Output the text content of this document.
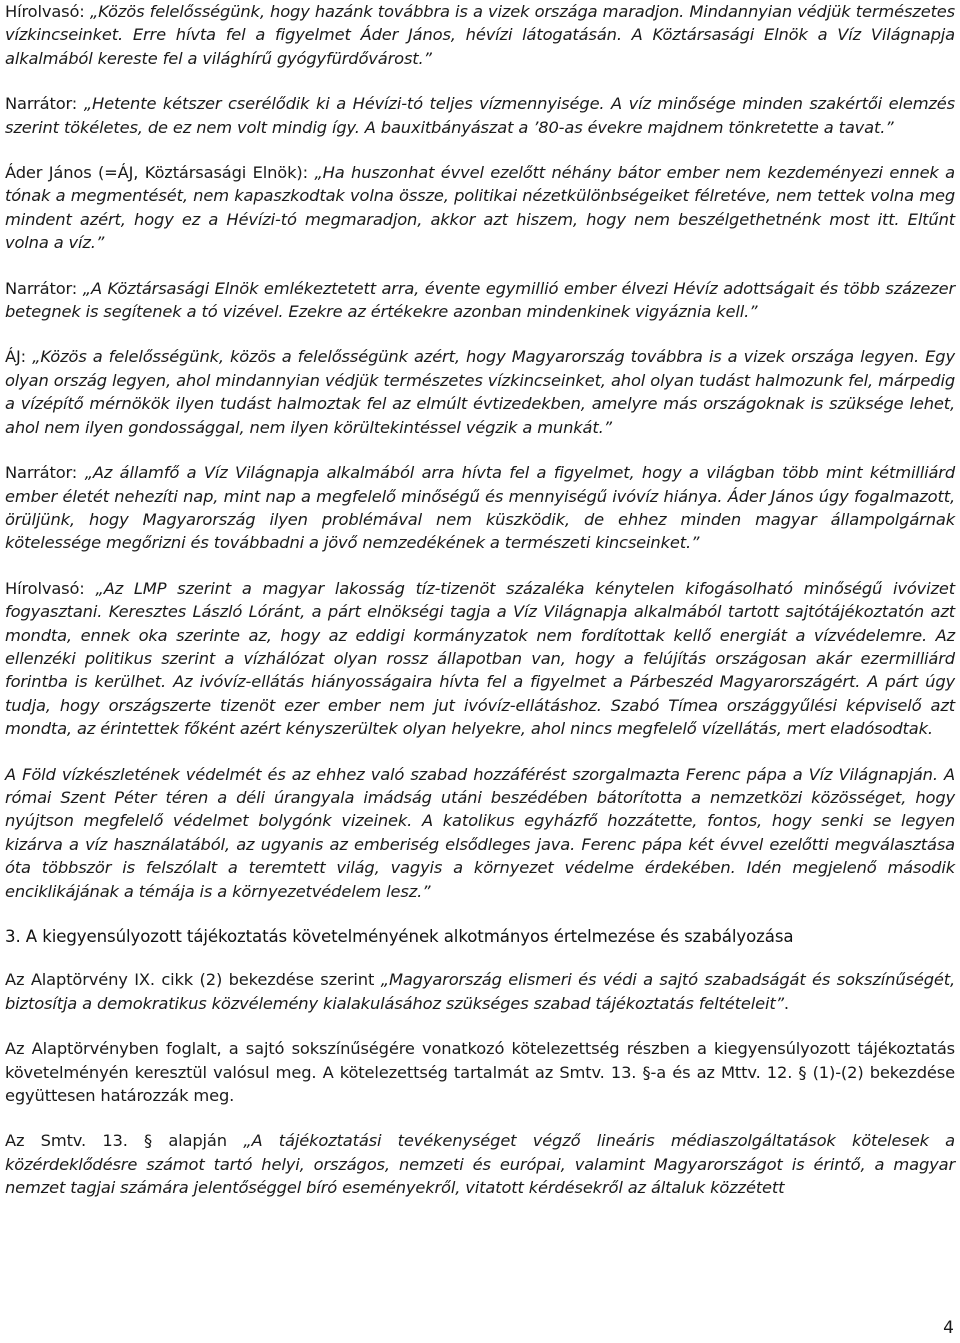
Hírolvasó: „Közös felelősségünk, hogy hazánk továbbra is a vizek országa maradjon. Mindannyian védjük természetes vízkincseinket. Erre hívta fel a figyelmet Áder János, hévízi látogatásán. A Köztársasági Elnök a Víz Világnapja alkalmából kereste fel a világhírű gyógyfürdővárost.”

Narrátor: „Hetente kétszer cserélődik ki a Hévízi-tó teljes vízmennyisége. A víz minősége minden szakértői elemzés szerint tökéletes, de ez nem volt mindig így. A bauxitbányászat a ’80-as évekre majdnem tönkretette a tavat.”

Áder János (=ÁJ, Köztársasági Elnök): „Ha huszonhat évvel ezelőtt néhány bátor ember nem kezdeményezi ennek a tónak a megmentését, nem kapaszkodtak volna össze, politikai nézetkülönbségeiket félretéve, nem tettek volna meg mindent azért, hogy ez a Hévízi-tó megmaradjon, akkor azt hiszem, hogy nem beszélgethetnénk most itt. Eltűnt volna a víz.”

Narrátor: „A Köztársasági Elnök emlékeztetett arra, évente egymillió ember élvezi Hévíz adottságait és több százezer betegnek is segítenek a tó vizével. Ezekre az értékekre azonban mindenkinek vigyáznia kell.”

ÁJ: „Közös a felelősségünk, közös a felelősségünk azért, hogy Magyarország továbbra is a vizek országa legyen. Egy olyan ország legyen, ahol mindannyian védjük természetes vízkincseinket, ahol olyan tudást halmozunk fel, márpedig a vízépítő mérnökök ilyen tudást halmoztak fel az elmúlt évtizedekben, amelyre más országoknak is szüksége lehet, ahol nem ilyen gondossággal, nem ilyen körültekintéssel végzik a munkát.”

Narrátor: „Az államfő a Víz Világnapja alkalmából arra hívta fel a figyelmet, hogy a világban több mint kétmilliárd ember életét nehezíti nap, mint nap a megfelelő minőségű és mennyiségű ivóvíz hiánya. Áder János úgy fogalmazott, örüljünk, hogy Magyarország ilyen problémával nem küszködik, de ehhez minden magyar állampolgárnak kötelessége megőrizni és továbbadni a jövő nemzedékének a természeti kincseinket.”

Hírolvasó: „Az LMP szerint a magyar lakosság tíz-tizenöt százaléka kénytelen kifogásolható minőségű ivóvizet fogyasztani. Keresztes László Lóránt, a párt elnökségi tagja a Víz Világnapja alkalmából tartott sajtótájékoztatón azt mondta, ennek oka szerinte az, hogy az eddigi kormányzatok nem fordítottak kellő energiát a vízvédelemre. Az ellenzéki politikus szerint a vízhálózat olyan rossz állapotban van, hogy a felújítás országosan akár ezermilliárd forintba is kerülhet. Az ivóvíz-ellátás hiányosságaira hívta fel a figyelmet a Párbeszéd Magyarországért. A párt úgy tudja, hogy országszerte tizenöt ezer ember nem jut ivóvíz-ellátáshoz. Szabó Tímea országgyűlési képviselő azt mondta, az érintettek főként azért kényszerültek olyan helyekre, ahol nincs megfelelő vízellátás, mert eladósodtak.

A Föld vízkészletének védelmét és az ehhez való szabad hozzáférést szorgalmazta Ferenc pápa a Víz Világnapján. A római Szent Péter téren a déli úrangyala imádság utáni beszédében bátorította a nemzetközi közösséget, hogy nyújtson megfelelő védelmet bolygónk vizeinek. A katolikus egyházfő hozzátette, fontos, hogy senki se legyen kizárva a víz használatából, az ugyanis az emberiség elsődleges java. Ferenc pápa két évvel ezelőtti megválasztása óta többször is felszólalt a teremtett világ, vagyis a környezet védelme érdekében. Idén megjelenő második enciklikájának a témája is a környezetvédelem lesz.”

3. A kiegyensúlyozott tájékoztatás követelményének alkotmányos értelmezése és szabályozása

Az Alaptörvény IX. cikk (2) bekezdése szerint „Magyarország elismeri és védi a sajtó szabadságát és sokszínűségét, biztosítja a demokratikus közvélemény kialakulásához szükséges szabad tájékoztatás feltételeit”.

Az Alaptörvényben foglalt, a sajtó sokszínűségére vonatkozó kötelezettség részben a kiegyensúlyozott tájékoztatás követelményén keresztül valósul meg. A kötelezettség tartalmát az Smtv. 13. §-a és az Mttv. 12. § (1)-(2) bekezdése együttesen határozzák meg.

Az Smtv. 13. § alapján „A tájékoztatási tevékenységet végző lineáris médiaszolgáltatások kötelesek a közérdeklődésre számot tartó helyi, országos, nemzeti és európai, valamint Magyarországot is érintő, a magyar nemzet tagjai számára jelentőséggel bíró eseményekről, vitatott kérdésekről az általuk közzétett

4
